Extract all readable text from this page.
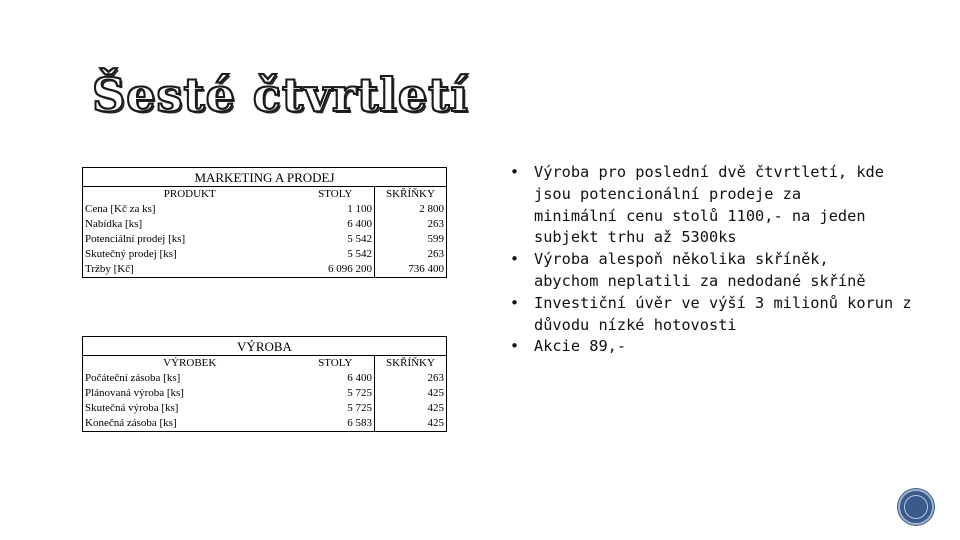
Šesté čtvrtletí
MARKETING A PRODEJ		
PRODUKT	STOLY	SKŘÍŇKY
Cena [Kč za ks]	1 100	2 800
Nabídka [ks]	6 400	263
Potenciální prodej [ks]	5 542	599
Skutečný prodej [ks]	5 542	263
Tržby [Kč]	6 096 200	736 400
VÝROBA		
VÝROBEK	STOLY	SKŘÍŇKY
Počáteční zásoba [ks]	6 400	263
Plánovaná výroba [ks]	5 725	425
Skutečná výroba [ks]	5 725	425
Konečná zásoba [ks]	6 583	425
• Výroba pro poslední dvě čtvrtletí, kde
jsou potencionální prodeje za
minimální cenu stolů 1100,- na jeden
subjekt trhu až 5300ks
• Výroba alespoň několika skříněk,
abychom neplatili za nedodané skříně
• Investiční úvěr ve výší 3 milionů korun z
důvodu nízké hotovosti
• Akcie 89,-
